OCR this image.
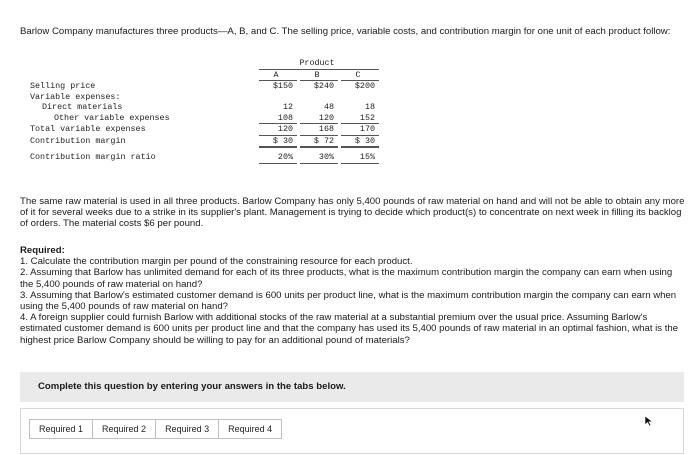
Barlow Company manufactures three products—A, B, and C. The selling price, variable costs, and contribution margin for one unit of each product follow:
	Product				
	A		B		C
Selling price	$150		$240		$200
Variable expenses:					
Direct materials	12		48		18
Other variable expenses	108		120		152
Total variable expenses	120		168		170
Contribution margin	$ 30		$ 72		$ 30

Contribution margin ratio	20%		30%		15%
The same raw material is used in all three products. Barlow Company has only 5,400 pounds of raw material on hand and will not be able to obtain any more of it for several weeks due to a strike in its supplier's plant. Management is trying to decide which product(s) to concentrate on next week in filling its backlog of orders. The material costs $6 per pound.
Required:
1. Calculate the contribution margin per pound of the constraining resource for each product.
2. Assuming that Barlow has unlimited demand for each of its three products, what is the maximum contribution margin the company can earn when using the 5,400 pounds of raw material on hand?
3. Assuming that Barlow's estimated customer demand is 600 units per product line, what is the maximum contribution margin the company can earn when using the 5,400 pounds of raw material on hand?
4. A foreign supplier could furnish Barlow with additional stocks of the raw material at a substantial premium over the usual price. Assuming Barlow's estimated customer demand is 600 units per product line and that the company has used its 5,400 pounds of raw material in an optimal fashion, what is the highest price Barlow Company should be willing to pay for an additional pound of materials?
Complete this question by entering your answers in the tabs below.
Required 1	Required 2	Required 3	Required 4
